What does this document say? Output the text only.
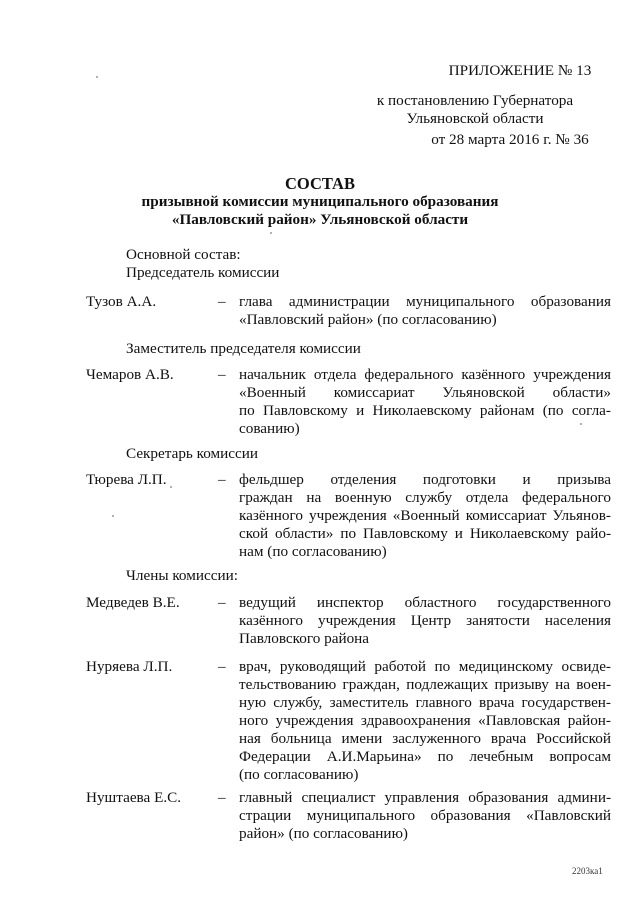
ПРИЛОЖЕНИЕ № 13
к постановлению Губернатора
Ульяновской области
от 28 марта 2016 г. № 36
СОСТАВ
призывной комиссии муниципального образования
«Павловский район» Ульяновской области
Основной состав:
Председатель комиссии
Тузов А.А.	– глава администрации муниципального образования
«Павловский район» (по согласованию)
Заместитель председателя комиссии
Чемаров А.В.	– начальник отдела федерального казённого учреждения
«Военный комиссариат Ульяновской области»
по Павловскому и Николаевскому районам (по согла-
сованию)
Секретарь комиссии
Тюрева Л.П.	– фельдшер отделения подготовки и призыва
граждан на военную службу отдела федерального
казённого учреждения «Военный комиссариат Ульянов-
ской области» по Павловскому и Николаевскому райо-
нам (по согласованию)
Члены комиссии:
Медведев В.Е.	– ведущий инспектор областного государственного
казённого учреждения Центр занятости населения
Павловского района
Нуряева Л.П.	– врач, руководящий работой по медицинскому освиде-
тельствованию граждан, подлежащих призыву на воен-
ную службу, заместитель главного врача государствен-
ного учреждения здравоохранения «Павловская район-
ная больница имени заслуженного врача Российской
Федерации А.И.Марьина» по лечебным вопросам
(по согласованию)
Нуштаева Е.С.	– главный специалист управления образования админи-
страции муниципального образования «Павловский
район» (по согласованию)
2203ка1
